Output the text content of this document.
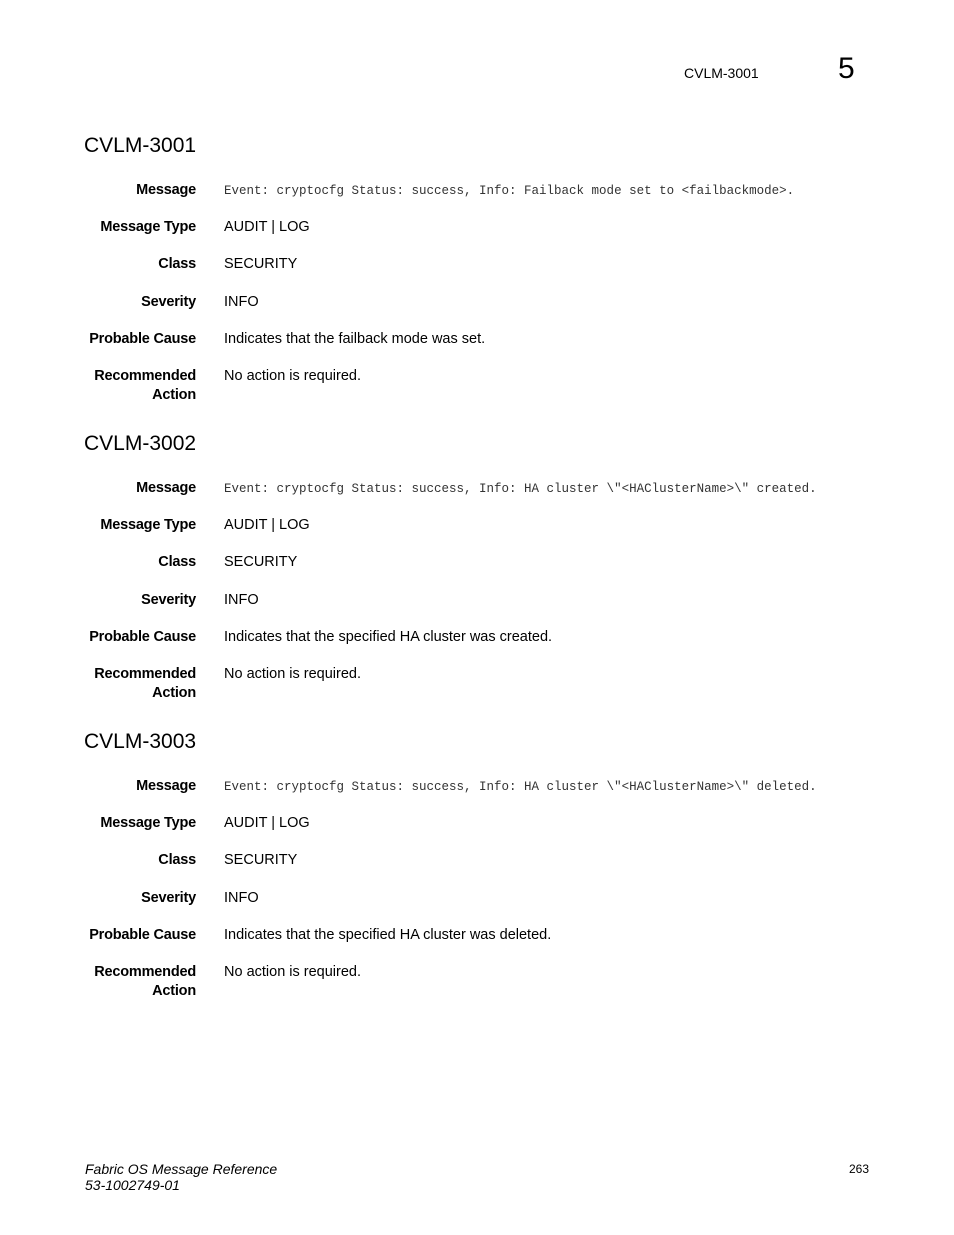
CVLM-3001	5
CVLM-3001
Message Event: cryptocfg Status: success, Info: Failback mode set to <failbackmode>.
Message Type AUDIT | LOG
Class SECURITY
Severity INFO
Probable Cause Indicates that the failback mode was set.
Recommended
Action
No action is required.
CVLM-3002
Message Event: cryptocfg Status: success, Info: HA cluster \"<HAClusterName>\" created.
Message Type AUDIT | LOG
Class SECURITY
Severity INFO
Probable Cause Indicates that the specified HA cluster was created.
Recommended
Action
No action is required.
CVLM-3003
Message Event: cryptocfg Status: success, Info: HA cluster \"<HAClusterName>\" deleted.
Message Type AUDIT | LOG
Class SECURITY
Severity INFO
Probable Cause Indicates that the specified HA cluster was deleted.
Recommended
Action
No action is required.
Fabric OS Message Reference
53-1002749-01
263
